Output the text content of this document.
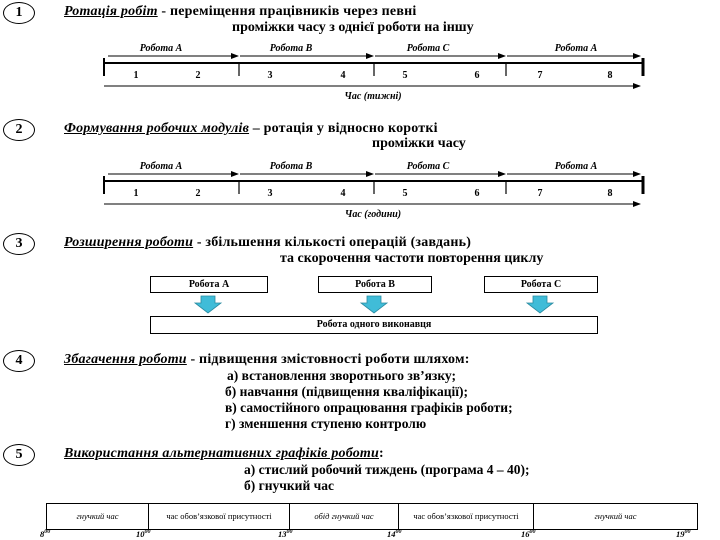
1	Ротація робіт - переміщення працівників через певні
проміжки часу з однієї роботи на іншу
Робота A	Робота B	Робота C	Робота A
1	2	3	4	5	6	7	8
Час (тижні)
2	Формування робочих модулів – ротація у відносно короткі
проміжки часу
Робота A	Робота B	Робота C	Робота A
1	2	3	4	5	6	7	8
Час (години)
3	Розширення роботи - збільшення кількості операцій (завдань)
та скорочення частоти повторення циклу
Робота A	Робота B	Робота C
Робота одного виконавця
4	Збагачення роботи - підвищення змістовності роботи шляхом:
а) встановлення зворотнього зв’язку;
б) навчання (підвищення кваліфікації);
в) самостійного опрацювання графіків роботи;
г) зменшення ступеню контролю
5	Використання альтернативних графіків роботи:
а) стислий робочий тиждень (програма 4 – 40);
б) гнучкий час
гнучкий час	час обов’язкової присутності	обід гнучкий час	час обов’язкової присутності	гнучкий час
$8^{00}$	$10^{00}$	$13^{00}$	$14^{00}$	$16^{00}$	$19^{00}$
